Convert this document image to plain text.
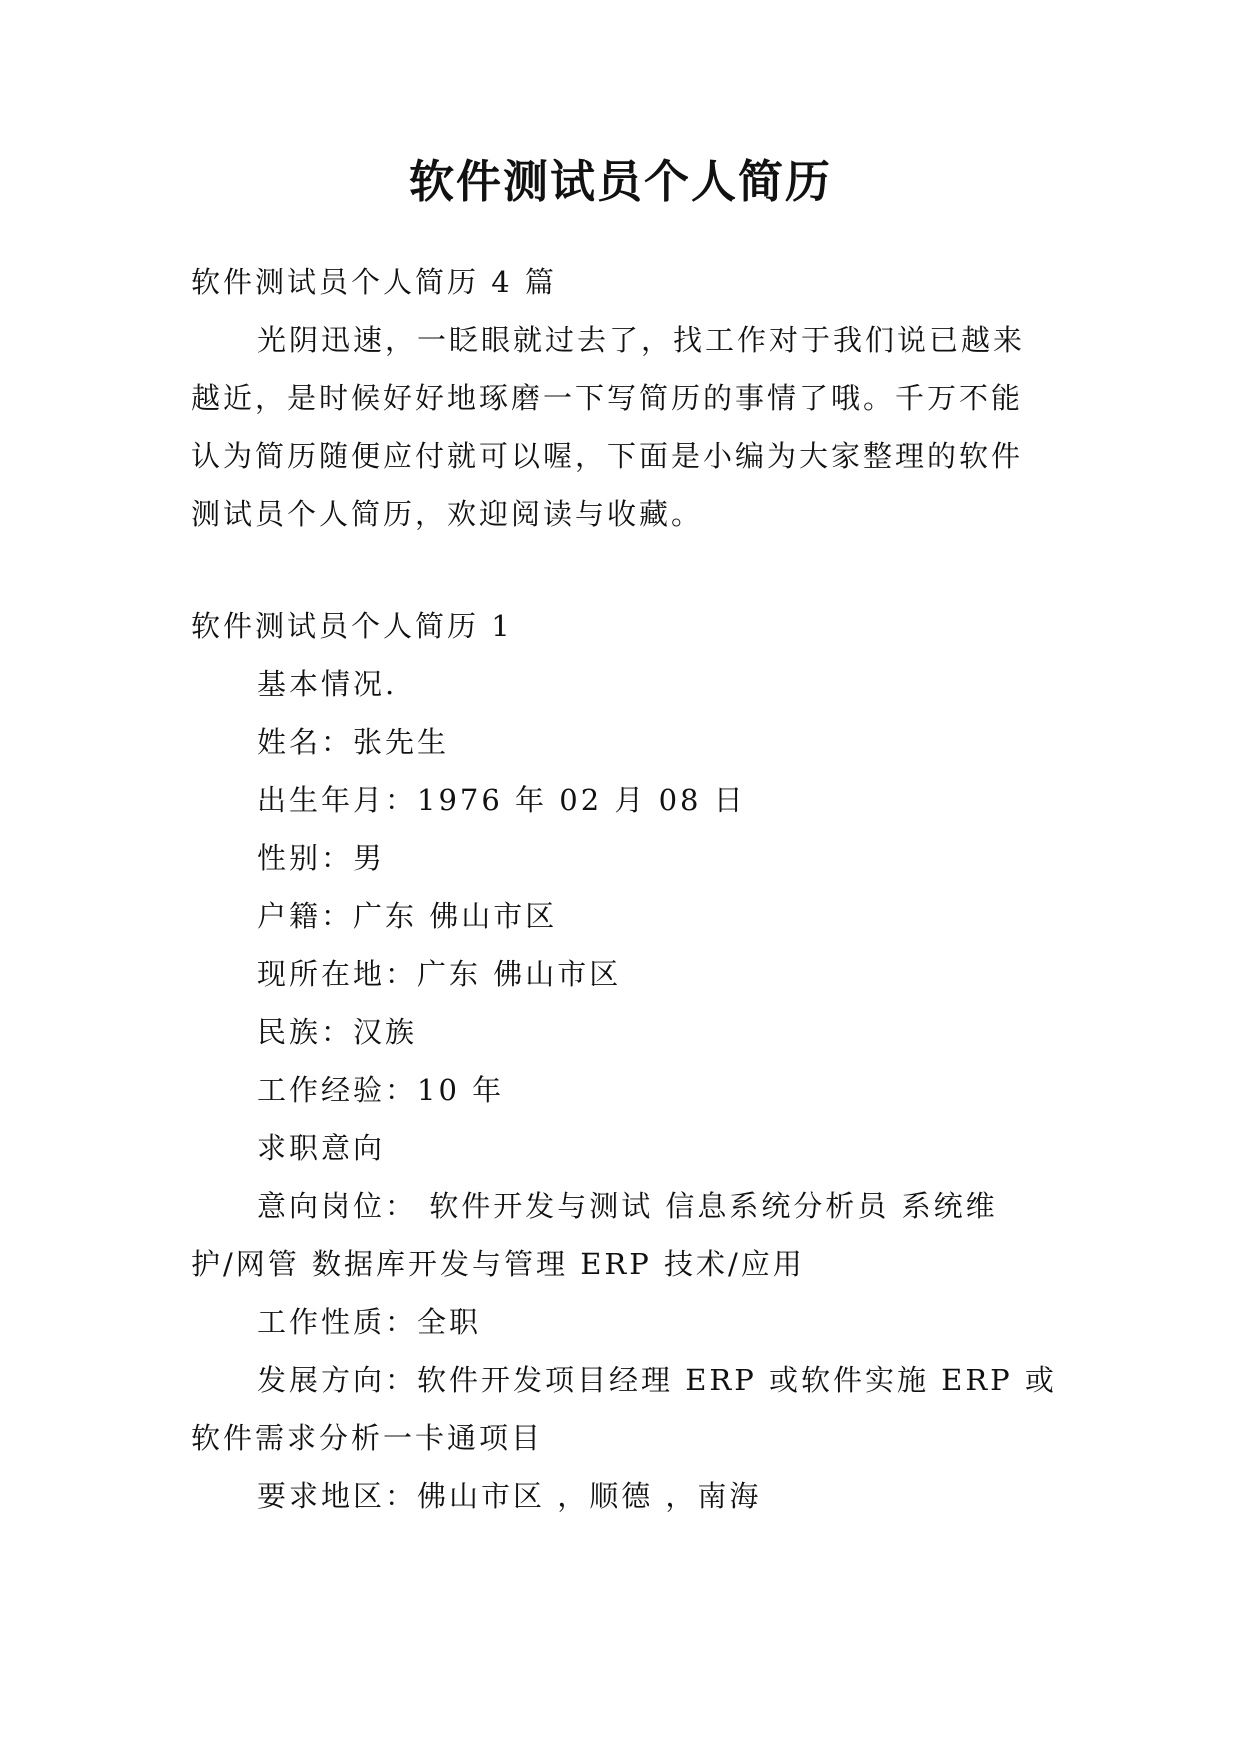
软件测试员个人简历
软件测试员个人简历 4 篇
光阴迅速，一眨眼就过去了，找工作对于我们说已越来
越近，是时候好好地琢磨一下写简历的事情了哦。千万不能
认为简历随便应付就可以喔，下面是小编为大家整理的软件
测试员个人简历，欢迎阅读与收藏。
软件测试员个人简历 1
基本情况.
姓名：张先生
出生年月：1976 年 02 月 08 日
性别：男
户籍：广东 佛山市区
现所在地：广东 佛山市区
民族：汉族
工作经验：10 年
求职意向
意向岗位： 软件开发与测试 信息系统分析员 系统维
护/网管 数据库开发与管理 ERP 技术/应用
工作性质：全职
发展方向：软件开发项目经理 ERP 或软件实施 ERP 或
软件需求分析一卡通项目
要求地区：佛山市区 ，顺德 ，南海
